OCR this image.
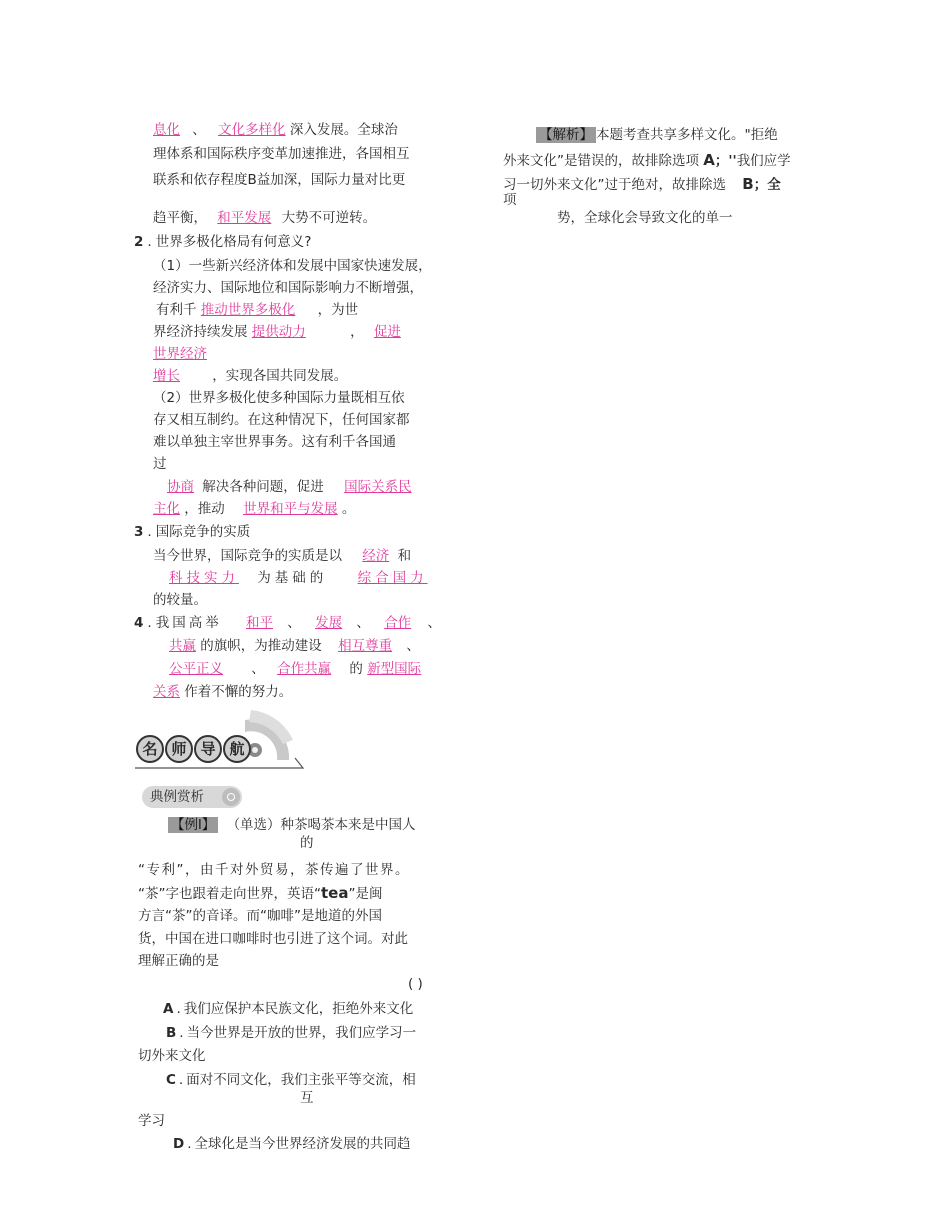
息化 、 文化多样化 深入发展。全球治
理体系和国际秩序变革加速推进，各国相互
联系和依存程度B益加深，国际力量对比更
趋平衡， 和平发展 大势不可逆转。
2 . 世界多极化格局有何意义?
（1）一些新兴经济体和发展中国家快速发展，
经济实力、国际地位和国际影响力不断增强，
有利千 推动世界多极化 ，为世
界经济持续发展 提供动力	， 促进
世界经济
增长 ，实现各国共同发展。
（2）世界多极化使多种国际力量既相互依
存又相互制约。在这种情况下，任何国家都
难以单独主宰世界事务。这有利千各国通
过
协商 解决各种问题，促进 国际关系民
主化 ，推动 世界和平与发展 。
3 . 国际竞争的实质
当今世界，国际竞争的实质是以 经济 和
科技实力 为基础的 综合国力
的较量。
4 . 我国高举 和平 、 发展 、 合作 、
共赢 的旗帜，为推动建设 相互尊重 、
公平正义 、 合作共赢 的 新型国际
关系 作着不懈的努力。
名 师 导 航
典例赏析
【例l】 （单选）种茶喝茶本来是中国人
的
“专利”，由千对外贸易，茶传遍了世界。
“茶”字也跟着走向世界，英语“tea”是闽
方言“茶”的音译。而“咖啡”是地道的外国
货，中国在进口咖啡时也引进了这个词。对此
理解正确的是
( )
A . 我们应保护本民族文化，拒绝外来文化
B . 当今世界是开放的世界，我们应学习一
切外来文化
C . 面对不同文化，我们主张平等交流，相
互
学习
D . 全球化是当今世界经济发展的共同趋
【解析】 本题考查共享多样文化。"拒绝
外来文化”是错误的，故排除选项 A；''我们应学
习一切外来文化”过于绝对，故排除选 B；全
项
势，全球化会导致文化的单一
